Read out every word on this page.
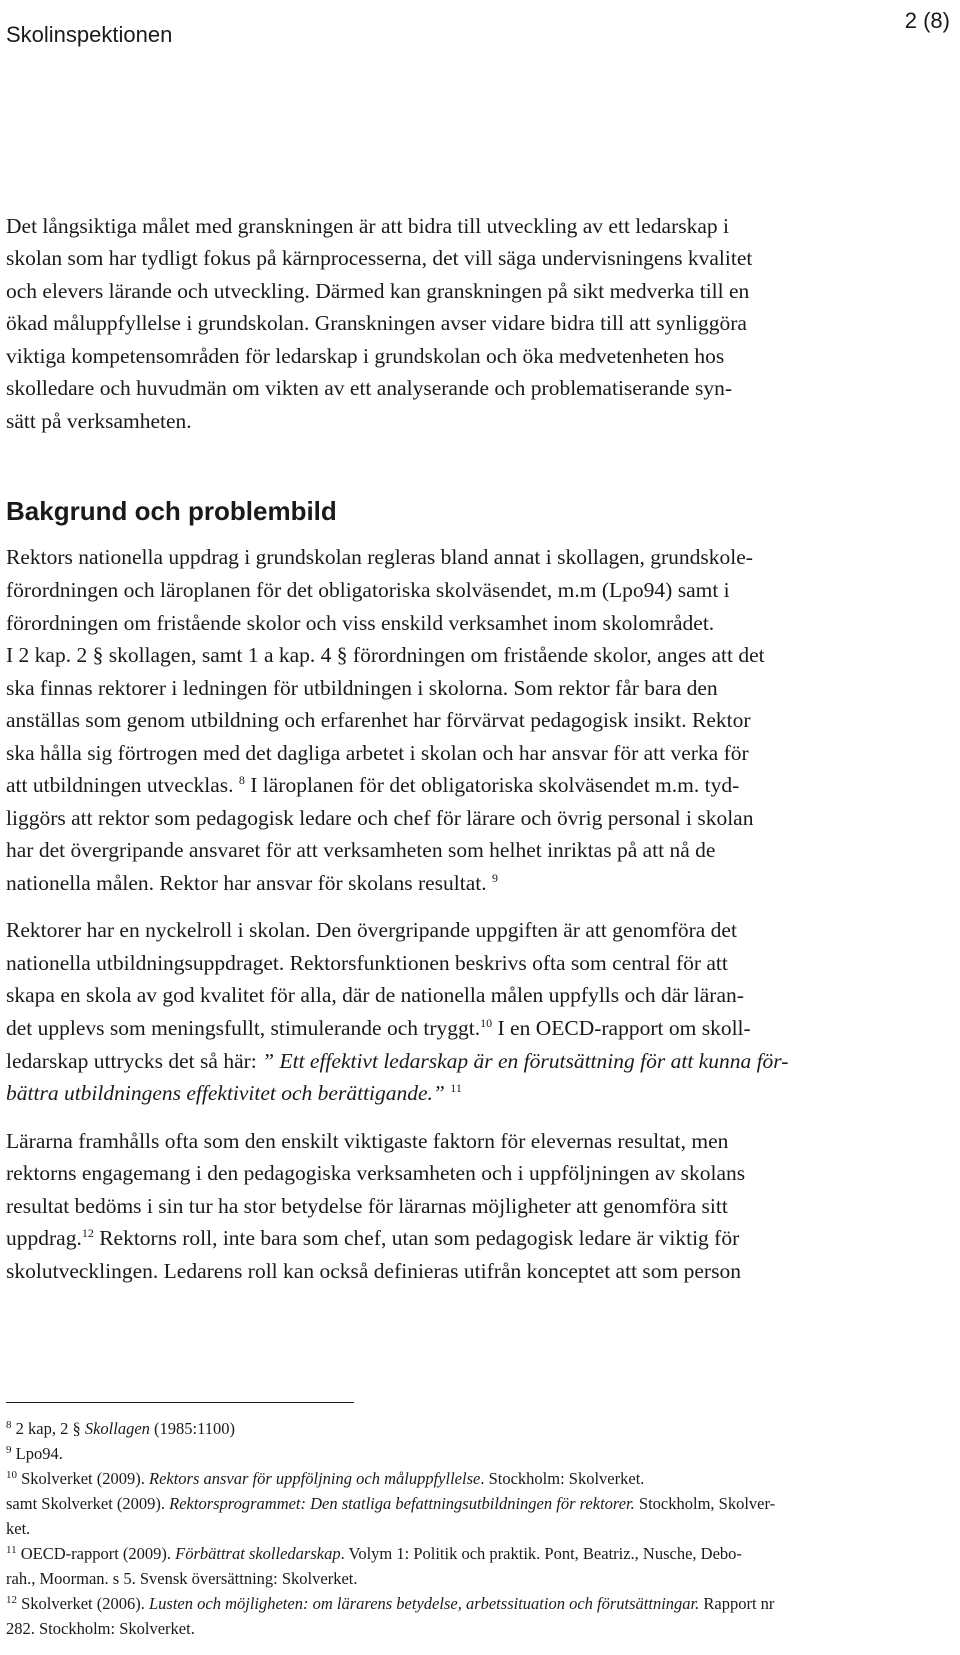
Skolinspektionen
2 (8)
Det långsiktiga målet med granskningen är att bidra till utveckling av ett ledarskap i
skolan som har tydligt fokus på kärnprocesserna, det vill säga undervisningens kvalitet
och elevers lärande och utveckling. Därmed kan granskningen på sikt medverka till en
ökad måluppfyllelse i grundskolan. Granskningen avser vidare bidra till att synliggöra
viktiga kompetensområden för ledarskap i grundskolan och öka medvetenheten hos
skolledare och huvudmän om vikten av ett analyserande och problematiserande syn-
sätt på verksamheten.
Bakgrund och problembild
Rektors nationella uppdrag i grundskolan regleras bland annat i skollagen, grundskole-
förordningen och läroplanen för det obligatoriska skolväsendet, m.m (Lpo94) samt i
förordningen om fristående skolor och viss enskild verksamhet inom skolområdet.
I 2 kap. 2 § skollagen, samt 1 a kap. 4 § förordningen om fristående skolor, anges att det
ska finnas rektorer i ledningen för utbildningen i skolorna. Som rektor får bara den
anställas som genom utbildning och erfarenhet har förvärvat pedagogisk insikt. Rektor
ska hålla sig förtrogen med det dagliga arbetet i skolan och har ansvar för att verka för
att utbildningen utvecklas. $^8$ I läroplanen för det obligatoriska skolväsendet m.m. tyd-
liggörs att rektor som pedagogisk ledare och chef för lärare och övrig personal i skolan
har det övergripande ansvaret för att verksamheten som helhet inriktas på att nå de
nationella målen. Rektor har ansvar för skolans resultat. $^9$
Rektorer har en nyckelroll i skolan. Den övergripande uppgiften är att genomföra det
nationella utbildningsuppdraget. Rektorsfunktionen beskrivs ofta som central för att
skapa en skola av god kvalitet för alla, där de nationella målen uppfylls och där läran-
det upplevs som meningsfullt, stimulerande och tryggt.$^{10}$ I en OECD-rapport om skoll-
ledarskap uttrycks det så här: ” Ett effektivt ledarskap är en förutsättning för att kunna för-
bättra utbildningens effektivitet och berättigande.” $^{11}$
Lärarna framhålls ofta som den enskilt viktigaste faktorn för elevernas resultat, men
rektorns engagemang i den pedagogiska verksamheten och i uppföljningen av skolans
resultat bedöms i sin tur ha stor betydelse för lärarnas möjligheter att genomföra sitt
uppdrag.$^{12}$ Rektorns roll, inte bara som chef, utan som pedagogisk ledare är viktig för
skolutvecklingen. Ledarens roll kan också definieras utifrån konceptet att som person
$^8$ 2 kap, 2 § Skollagen (1985:1100)
$^9$ Lpo94.
$^{10}$ Skolverket (2009). Rektors ansvar för uppföljning och måluppfyllelse. Stockholm: Skolverket.
samt Skolverket (2009). Rektorsprogrammet: Den statliga befattningsutbildningen för rektorer. Stockholm, Skolver-
ket.
$^{11}$ OECD-rapport (2009). Förbättrat skolledarskap. Volym 1: Politik och praktik. Pont, Beatriz., Nusche, Debo-
rah., Moorman. s 5. Svensk översättning: Skolverket.
$^{12}$ Skolverket (2006). Lusten och möjligheten: om lärarens betydelse, arbetssituation och förutsättningar. Rapport nr
282. Stockholm: Skolverket.
